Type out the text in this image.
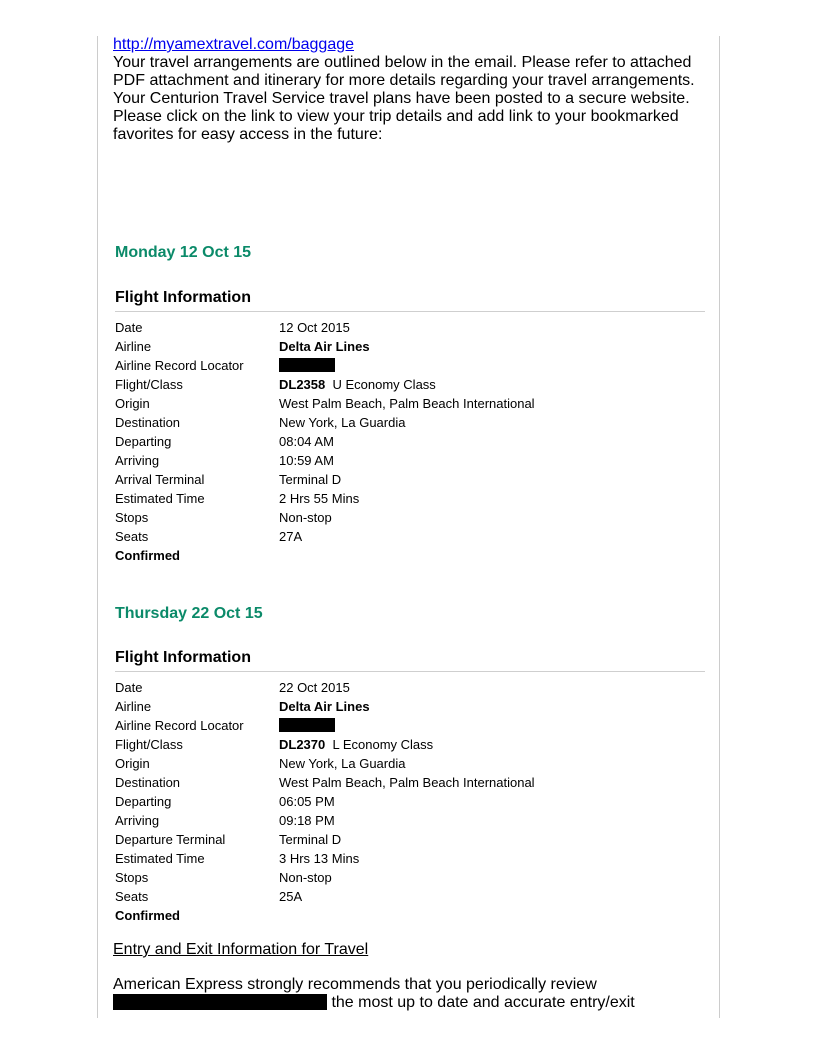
http://myamextravel.com/baggage

Your travel arrangements are outlined below in the email. Please refer to attached

PDF attachment and itinerary for more details regarding your travel arrangements.

Your Centurion Travel Service travel plans have been posted to a secure website.

Please click on the link to view your trip details and add link to your bookmarked

favorites for easy access in the future:

Monday 12 Oct 15
Flight Information
Date	12 Oct 2015
Airline	Delta Air Lines
Airline Record Locator
Flight/Class	DL2358 U Economy Class
Origin	West Palm Beach, Palm Beach International
Destination	New York, La Guardia
Departing	08:04 AM
Arriving	10:59 AM
Arrival Terminal	Terminal D
Estimated Time	2 Hrs 55 Mins
Stops	Non-stop
Seats	27A
Confirmed
Thursday 22 Oct 15
Flight Information
Date	22 Oct 2015
Airline	Delta Air Lines
Airline Record Locator
Flight/Class	DL2370 L Economy Class
Origin	New York, La Guardia
Destination	West Palm Beach, Palm Beach International
Departing	06:05 PM
Arriving	09:18 PM
Departure Terminal	Terminal D
Estimated Time	3 Hrs 13 Mins
Stops	Non-stop
Seats	25A
Confirmed
Entry and Exit Information for Travel
American Express strongly recommends that you periodically review
the most up to date and accurate entry/exit
